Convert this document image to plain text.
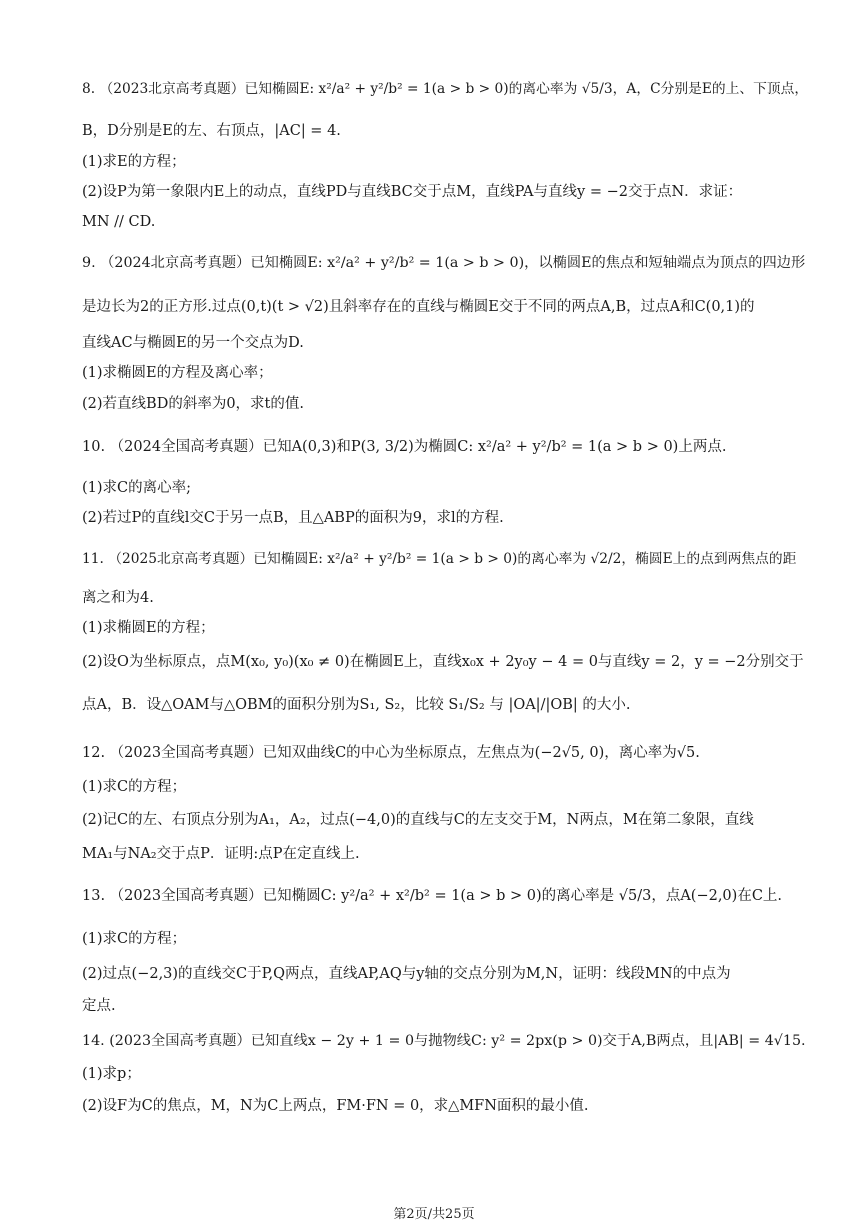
8. （2023北京高考真题）已知椭圆E: x²/a² + y²/b² = 1(a > b > 0)的离心率为 √5/3，A，C分别是E的上、下顶点，
B，D分别是E的左、右顶点，|AC| = 4.
(1)求E的方程；
(2)设P为第一象限内E上的动点，直线PD与直线BC交于点M，直线PA与直线y = −2交于点N．求证：
MN // CD.
9. （2024北京高考真题）已知椭圆E: x²/a² + y²/b² = 1(a > b > 0)，以椭圆E的焦点和短轴端点为顶点的四边形
是边长为2的正方形.过点(0,t)(t > √2)且斜率存在的直线与椭圆E交于不同的两点A,B，过点A和C(0,1)的
直线AC与椭圆E的另一个交点为D.
(1)求椭圆E的方程及离心率；
(2)若直线BD的斜率为0，求t的值.
10. （2024全国高考真题）已知A(0,3)和P(3, 3/2)为椭圆C: x²/a² + y²/b² = 1(a > b > 0)上两点.
(1)求C的离心率;
(2)若过P的直线l交C于另一点B，且△ABP的面积为9，求l的方程.
11. （2025北京高考真题）已知椭圆E: x²/a² + y²/b² = 1(a > b > 0)的离心率为 √2/2，椭圆E上的点到两焦点的距
离之和为4.
(1)求椭圆E的方程；
(2)设O为坐标原点，点M(x₀, y₀)(x₀ ≠ 0)在椭圆E上，直线x₀x + 2y₀y − 4 = 0与直线y = 2，y = −2分别交于
点A，B．设△OAM与△OBM的面积分别为S₁, S₂，比较 S₁/S₂ 与 |OA|/|OB| 的大小.
12. （2023全国高考真题）已知双曲线C的中心为坐标原点，左焦点为(−2√5, 0)，离心率为√5.
(1)求C的方程；
(2)记C的左、右顶点分别为A₁，A₂，过点(−4,0)的直线与C的左支交于M，N两点，M在第二象限，直线
MA₁与NA₂交于点P．证明:点P在定直线上.
13. （2023全国高考真题）已知椭圆C: y²/a² + x²/b² = 1(a > b > 0)的离心率是 √5/3，点A(−2,0)在C上.
(1)求C的方程；
(2)过点(−2,3)的直线交C于P,Q两点，直线AP,AQ与y轴的交点分别为M,N，证明：线段MN的中点为
定点.
14. (2023全国高考真题）已知直线x − 2y + 1 = 0与抛物线C: y² = 2px(p > 0)交于A,B两点，且|AB| = 4√15.
(1)求p；
(2)设F为C的焦点，M，N为C上两点，FM·FN = 0，求△MFN面积的最小值.
第2页/共25页
